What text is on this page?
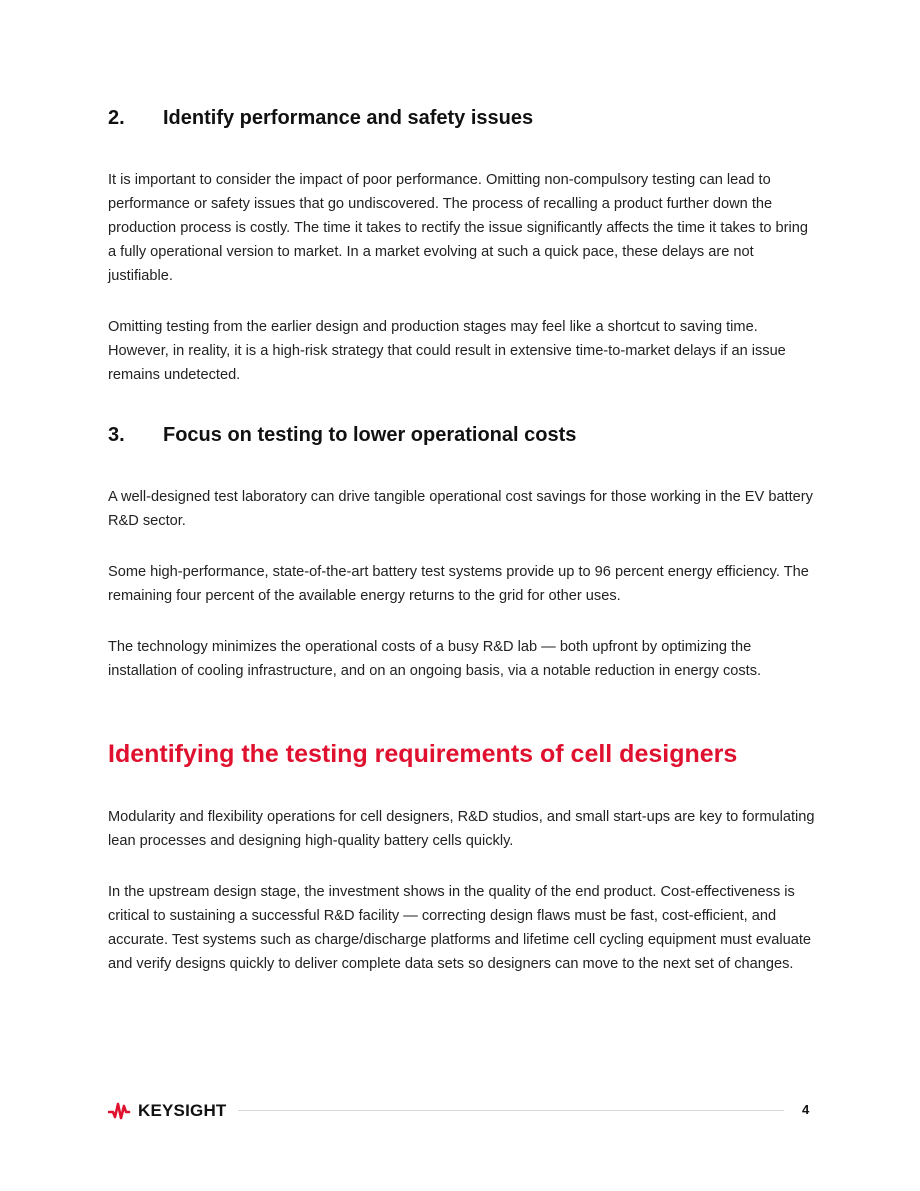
2. Identify performance and safety issues

It is important to consider the impact of poor performance. Omitting non-compulsory testing can lead to performance or safety issues that go undiscovered. The process of recalling a product further down the production process is costly. The time it takes to rectify the issue significantly affects the time it takes to bring a fully operational version to market. In a market evolving at such a quick pace, these delays are not justifiable.

Omitting testing from the earlier design and production stages may feel like a shortcut to saving time. However, in reality, it is a high-risk strategy that could result in extensive time-to-market delays if an issue remains undetected.

3. Focus on testing to lower operational costs

A well-designed test laboratory can drive tangible operational cost savings for those working in the EV battery R&D sector.

Some high-performance, state-of-the-art battery test systems provide up to 96 percent energy efficiency. The remaining four percent of the available energy returns to the grid for other uses.

The technology minimizes the operational costs of a busy R&D lab — both upfront by optimizing the installation of cooling infrastructure, and on an ongoing basis, via a notable reduction in energy costs.

Identifying the testing requirements of cell designers

Modularity and flexibility operations for cell designers, R&D studios, and small start-ups are key to formulating lean processes and designing high-quality battery cells quickly.

In the upstream design stage, the investment shows in the quality of the end product. Cost-effectiveness is critical to sustaining a successful R&D facility — correcting design flaws must be fast, cost-efficient, and accurate. Test systems such as charge/discharge platforms and lifetime cell cycling equipment must evaluate and verify designs quickly to deliver complete data sets so designers can move to the next set of changes.

KEYSIGHT	4
